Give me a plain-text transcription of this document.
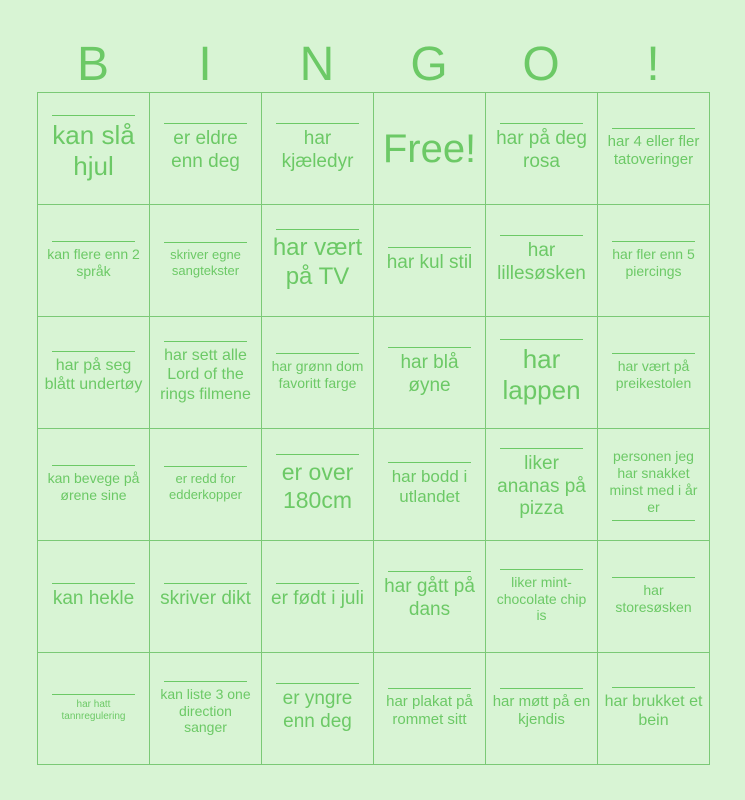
B	I	N	G	O	!
kan slå hjul
er eldre enn deg
har kjæledyr Free! har på deg rosa
har 4 eller fler tatoveringer
kan flere enn 2 språk
skriver egne sangtekster
har vært på TV
har kul stil
har lillesøsken
har fler enn 5 piercings
har på seg blått undertøy
har sett alle Lord of the rings filmene
har grønn dom favoritt farge
har blå øyne
har lappen
har vært på preikestolen
kan bevege på ørene sine
er redd for edderkopper
er over 180cm
har bodd i utlandet
liker ananas på pizza
personen jeg har snakket minst med i år er
kan hekle skriver dikt er født i juli
har gått på dans
liker mint-chocolate chip is
har storesøsken
har hatt tannregulering
kan liste 3 one direction sanger
er yngre enn deg
har plakat på rommet sitt
har møtt på en kjendis
har brukket et bein
